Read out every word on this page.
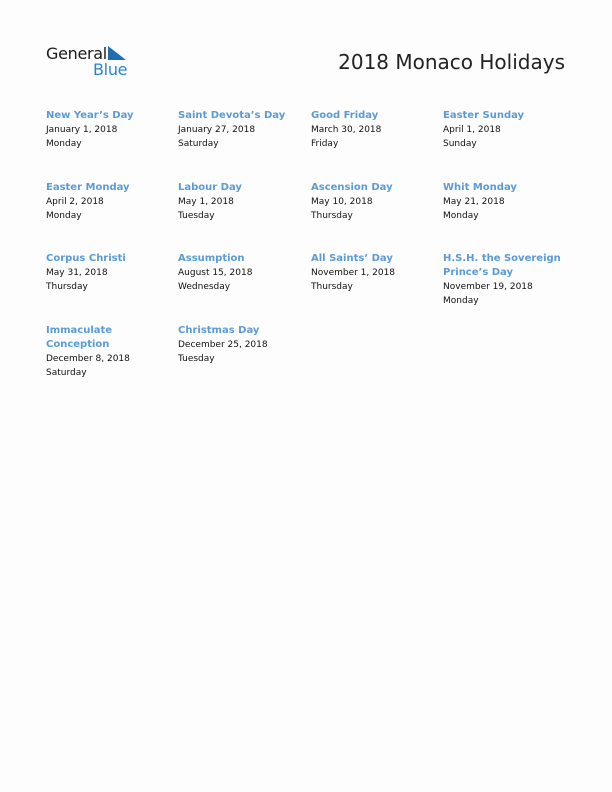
General
Blue	2018 Monaco Holidays
New Year’s Day
January 1, 2018
Monday
Saint Devota’s Day
January 27, 2018
Saturday
Good Friday
March 30, 2018
Friday
Easter Sunday
April 1, 2018
Sunday
Easter Monday
April 2, 2018
Monday
Labour Day
May 1, 2018
Tuesday
Ascension Day
May 10, 2018
Thursday
Whit Monday
May 21, 2018
Monday
Corpus Christi
May 31, 2018
Thursday
Assumption
August 15, 2018
Wednesday
All Saints’ Day
November 1, 2018
Thursday
H.S.H. the Sovereign Prince’s Day
November 19, 2018
Monday
Immaculate Conception
December 8, 2018
Saturday
Christmas Day
December 25, 2018
Tuesday
